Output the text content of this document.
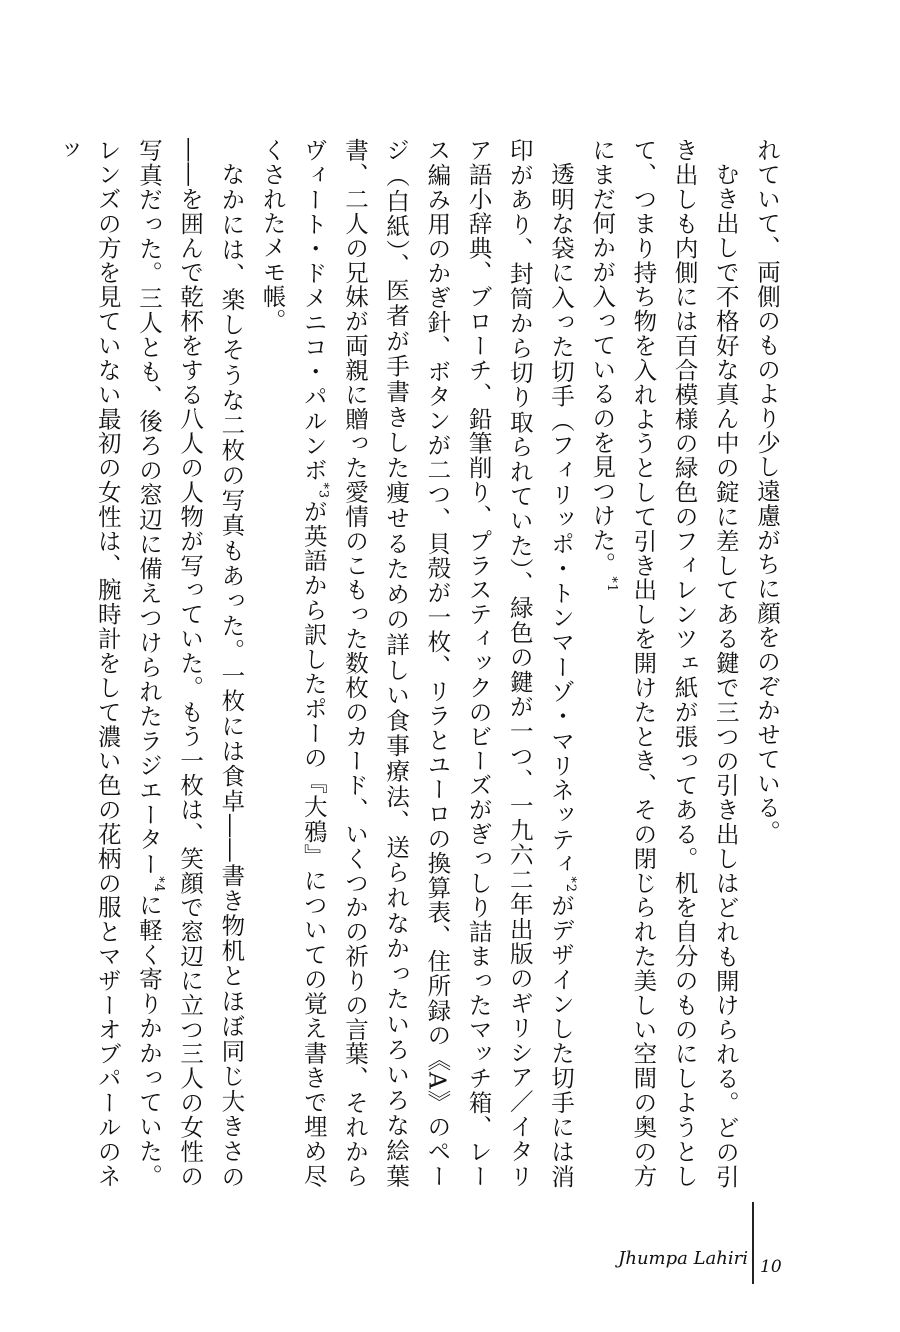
れていて、両側のものより少し遠慮がちに顔をのぞかせている。

むき出しで不格好な真ん中の錠に差してある鍵で三つの引き出しはどれも開けられる。どの引き出しも内側には百合模様の緑色のフィレンツェ紙が張ってある。机を自分のものにしようとして、つまり持ち物を入れようとして引き出しを開けたとき、その閉じられた美しい空間の奥の方にまだ何かが入っているのを見つけた。$^{*1}$

透明な袋に入った切手（フィリッポ・トンマーゾ・マリネッティ$^{*2}$がデザインした切手には消印があり、封筒から切り取られていた）、緑色の鍵が一つ、一九六二年出版のギリシア／イタリア語小辞典、ブローチ、鉛筆削り、プラスティックのビーズがぎっしり詰まったマッチ箱、レース編み用のかぎ針、ボタンが二つ、貝殻が一枚、リラとユーロの換算表、住所録の《A》のページ（白紙）、医者が手書きした痩せるための詳しい食事療法、送られなかったいろいろな絵葉書、二人の兄妹が両親に贈った愛情のこもった数枚のカード、いくつかの祈りの言葉、それからヴィート・ドメニコ・パルンボ$^{*3}$が英語から訳したポーの『大鴉』についての覚え書きで埋め尽くされたメモ帳。

なかには、楽しそうな二枚の写真もあった。一枚には食卓――書き物机とほぼ同じ大きさの――を囲んで乾杯をする八人の人物が写っていた。もう一枚は、笑顔で窓辺に立つ三人の女性の写真だった。三人とも、後ろの窓辺に備えつけられたラジエーター$^{*4}$に軽く寄りかかっていた。レンズの方を見ていない最初の女性は、腕時計をして濃い色の花柄の服とマザーオブパールのネッ

Jhumpa Lahiri 10
